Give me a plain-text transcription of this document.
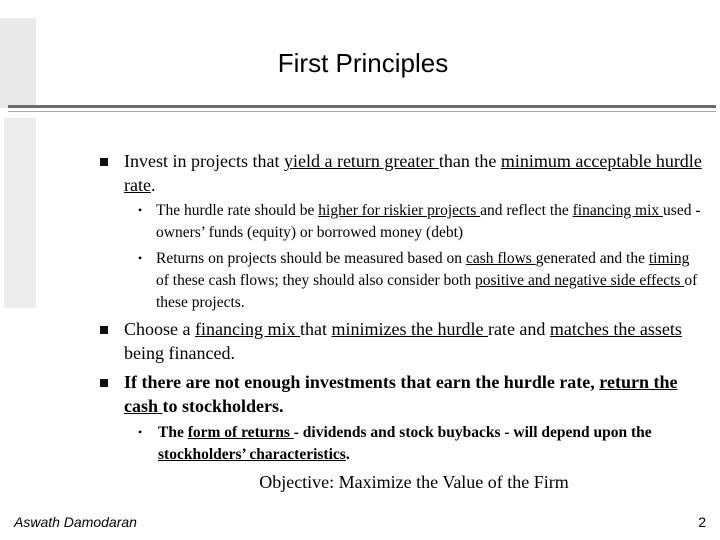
First Principles
Invest in projects that yield a return greater than the minimum acceptable hurdle rate.
• The hurdle rate should be higher for riskier projects and reflect the financing mix used - owners’ funds (equity) or borrowed money (debt)
• Returns on projects should be measured based on cash flows generated and the timing of these cash flows; they should also consider both positive and negative side effects of these projects.
Choose a financing mix that minimizes the hurdle rate and matches the assets being financed.
If there are not enough investments that earn the hurdle rate, return the cash to stockholders.
• The form of returns - dividends and stock buybacks - will depend upon the stockholders’ characteristics.
Objective: Maximize the Value of the Firm
Aswath Damodaran	2
